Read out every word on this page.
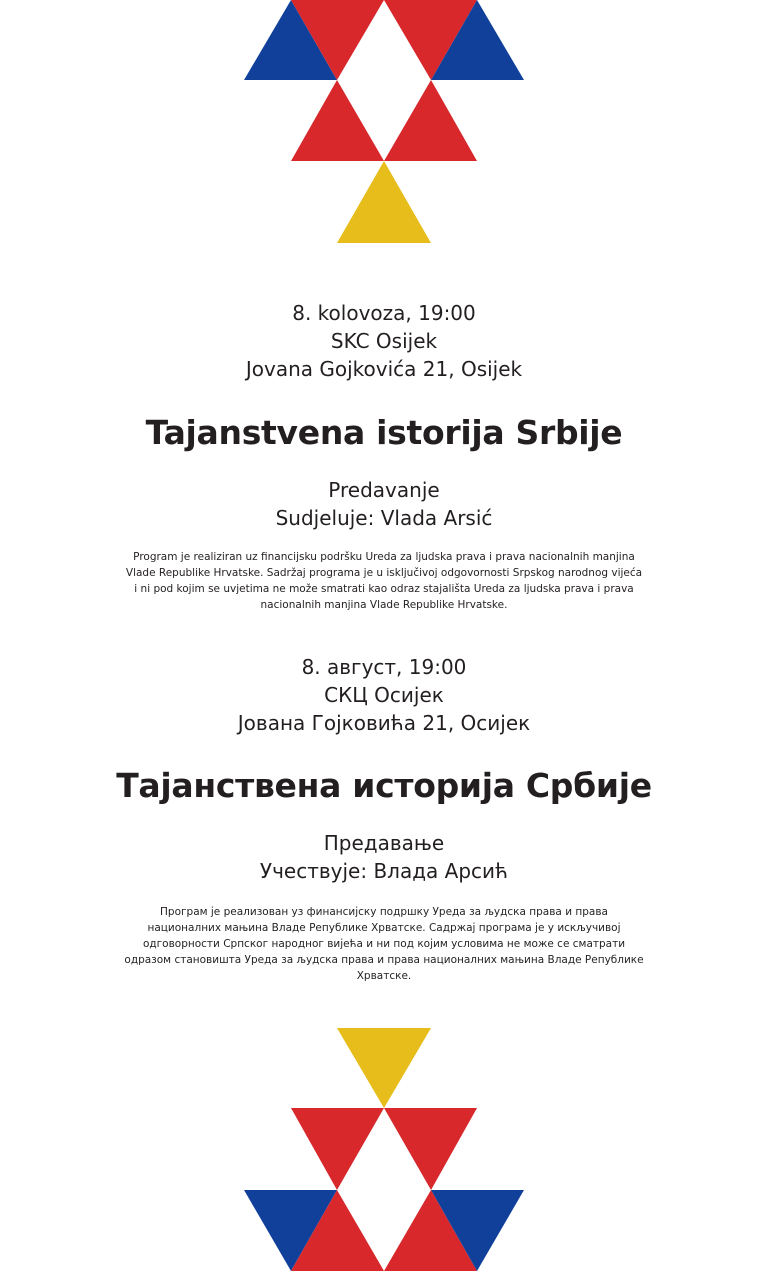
8. kolovoza, 19:00
SKC Osijek
Jovana Gojkovića 21, Osijek
Tajanstvena istorija Srbije
Predavanje
Sudjeluje: Vlada Arsić
Program je realiziran uz financijsku podršku Ureda za ljudska prava i prava nacionalnih manjina Vlade Republike Hrvatske. Sadržaj programa je u isključivoj odgovornosti Srpskog narodnog vijeća i ni pod kojim se uvjetima ne može smatrati kao odraz stajališta Ureda za ljudska prava i prava nacionalnih manjina Vlade Republike Hrvatske.
8. август, 19:00
СКЦ Осијек
Јована Гојковића 21, Осијек
Тајанствена историја Србије
Предавање
Учествује: Влада Арсић
Програм је реализован уз финансијску подршку Уреда за људска права и права националних мањина Владе Републике Хрватске. Садржај програма је у искључивој одговорности Српског народног вијећа и ни под којим условима не може се сматрати одразом становишта Уреда за људска права и права националних мањина Владе Републике Хрватске.
